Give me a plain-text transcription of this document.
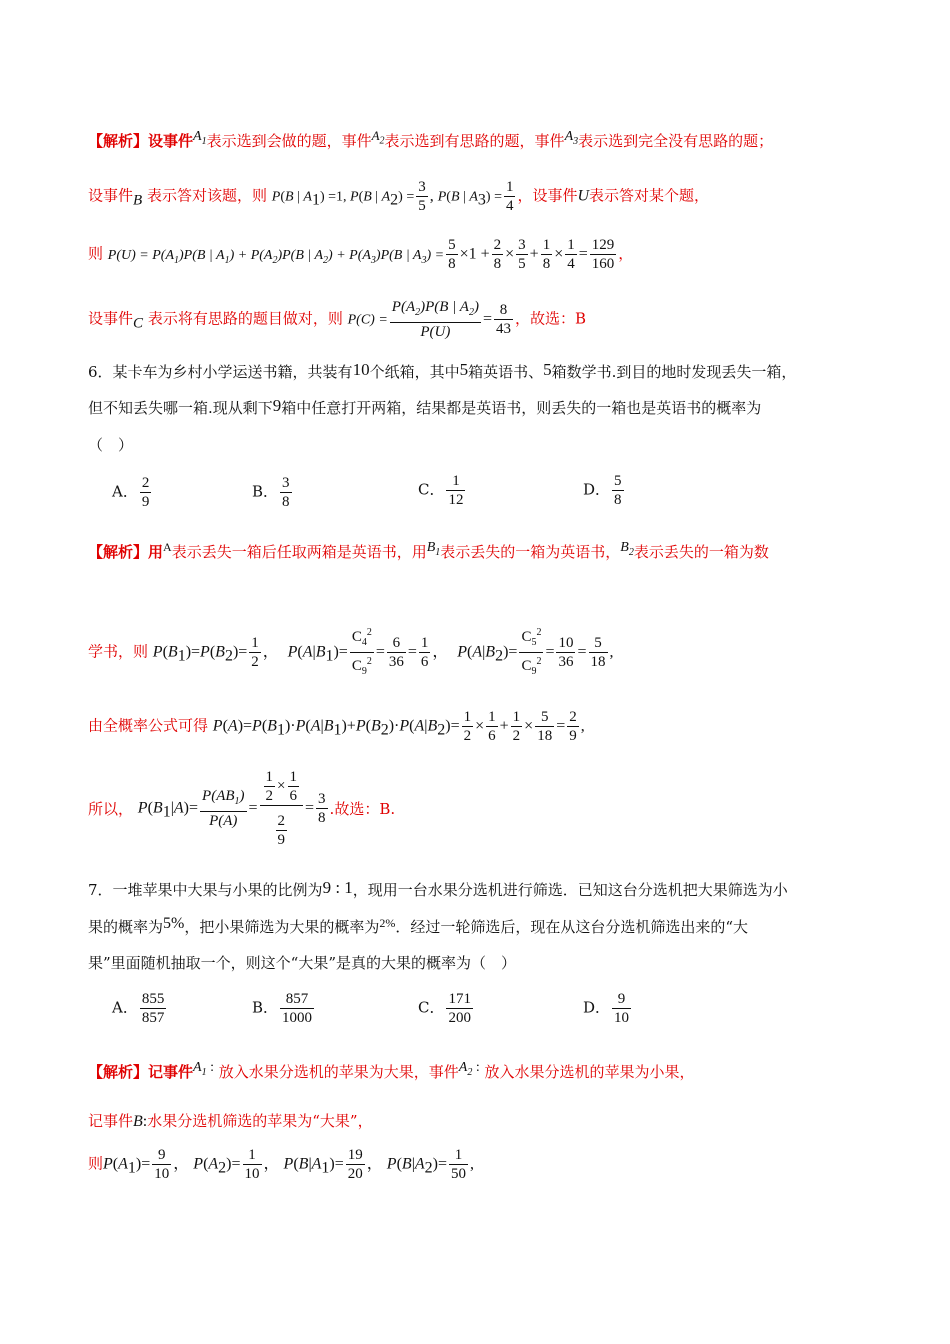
【解析】设事件$^{A_1}$表示选到会做的题，事件$^{A_2}$表示选到有思路的题，事件$^{A_3}$表示选到完全没有思路的题；
设事件$_B$ 表示答对该题，则 P(B | $A_1) =1$, P(B | $A_2) = \frac{3}{5}$ , P(B | $A_3) = \frac{1}{4}$ ，设事件U表示答对某个题，
则 $P(U) = P(A_1)P(B$ | $A_1) + P(A_2)P(B$ | $A_2) + P(A_3)P(B$ | $A_3) = \frac{5}{8} \times 1 + \frac{2}{8} \times \frac{3}{5} + \frac{1}{8} \times \frac{1}{4} = \frac{129}{160}$ ，
设事件$_C$ 表示将有思路的题目做对，则 $P(C) = \frac{P(A_2)P(B | A_2)}{P(U)} = \frac{8}{43}$ ，故选：B
6．某卡车为乡村小学运送书籍，共装有10个纸箱，其中5箱英语书、5箱数学书.到目的地时发现丢失一箱，
但不知丢失哪一箱.现从剩下9箱中任意打开两箱，结果都是英语书，则丢失的一箱也是英语书的概率为
（　）
A． $\frac{2}{9}$	B． $\frac{3}{8}$	C． $\frac{1}{12}$	D． $\frac{5}{8}$
【解析】用$^A$表示丢失一箱后任取两箱是英语书，用$^{B_1}$表示丢失的一箱为英语书，$^{B_2}$表示丢失的一箱为数
学书，则 $P(B_1)=P(B_2)= \frac{1}{2}$ ，  $P(A|B_1)= \frac{C_4^2}{C_9^2} = \frac{6}{36} = \frac{1}{6}$ ，  $P(A|B_2)= \frac{C_5^2}{C_9^2} = \frac{10}{36} = \frac{5}{18}$ ,
由全概率公式可得 $P(A)=P(B_1)\cdot P(A|B_1)+P(B_2)\cdot P(A|B_2)= \frac{1}{2} \times \frac{1}{6} + \frac{1}{2} \times \frac{5}{18} = \frac{2}{9}$ ,
所以， $P(B_1|A)= \frac{P(AB_1)}{P(A)} = \frac{\frac{1}{2} \times \frac{1}{6}}{\frac{2}{9}} = \frac{3}{8}$ .故选：B.
7．一堆苹果中大果与小果的比例为9 : 1，现用一台水果分选机进行筛选．已知这台分选机把大果筛选为小
果的概率为5%，把小果筛选为大果的概率为$^{2\%}$．经过一轮筛选后，现在从这台分选机筛选出来的“大
果”里面随机抽取一个，则这个“大果”是真的大果的概率为（　）
A． $\frac{855}{857}$	B． $\frac{857}{1000}$	C． $\frac{171}{200}$	D． $\frac{9}{10}$
【解析】记事件$^{A_1 :}$ 放入水果分选机的苹果为大果，事件$^{A_2 :}$ 放入水果分选机的苹果为小果，
记事件B:水果分选机筛选的苹果为“大果”，
则$P(A_1)= \frac{9}{10}$ ， $P(A_2)= \frac{1}{10}$ ， $P(B|A_1)= \frac{19}{20}$ ， $P(B|A_2)= \frac{1}{50}$ ,
